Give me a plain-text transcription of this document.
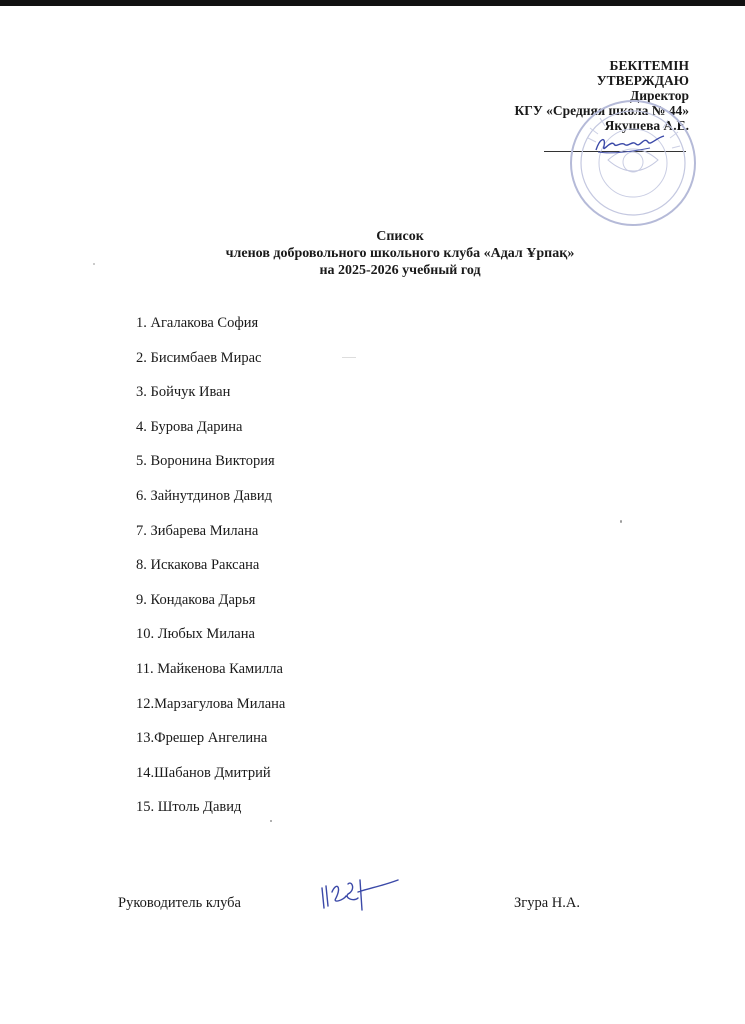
БЕКІТЕМІН
УТВЕРЖДАЮ
Директор
КГУ «Средняя школа № 44»
Якушева А.Е.
Список
членов добровольного школьного клуба «Адал Ұрпақ»
на 2025-2026 учебный год
1. Агалакова София
2. Бисимбаев Мирас
3. Бойчук Иван
4. Бурова Дарина
5. Воронина Виктория
6. Зайнутдинов Давид
7. Зибарева Милана
8. Искакова Раксана
9. Кондакова Дарья
10. Любых Милана
11. Майкенова Камилла
12.Марзагулова Милана
13.Фрешер Ангелина
14.Шабанов Дмитрий
15. Штоль Давид
Руководитель клуба	Згура Н.А.
